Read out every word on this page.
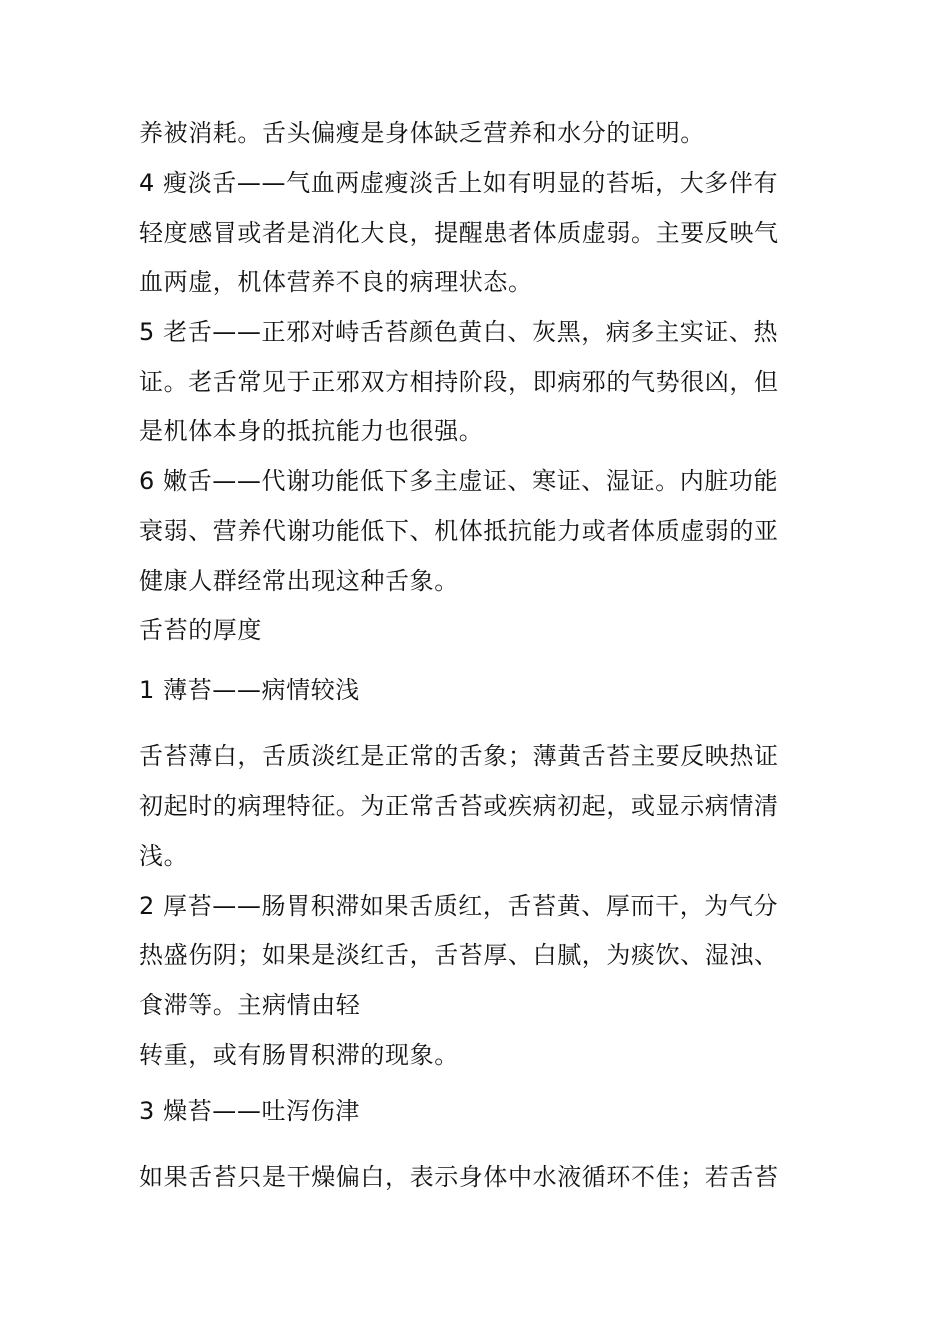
养被消耗。舌头偏瘦是身体缺乏营养和水分的证明。
4 瘦淡舌——气血两虚瘦淡舌上如有明显的苔垢，大多伴有
轻度感冒或者是消化大良，提醒患者体质虚弱。主要反映气
血两虚，机体营养不良的病理状态。
5 老舌——正邪对峙舌苔颜色黄白、灰黑，病多主实证、热
证。老舌常见于正邪双方相持阶段，即病邪的气势很凶，但
是机体本身的抵抗能力也很强。
6 嫩舌——代谢功能低下多主虚证、寒证、湿证。内脏功能
衰弱、营养代谢功能低下、机体抵抗能力或者体质虚弱的亚
健康人群经常出现这种舌象。
舌苔的厚度
1 薄苔——病情较浅
舌苔薄白，舌质淡红是正常的舌象；薄黄舌苔主要反映热证
初起时的病理特征。为正常舌苔或疾病初起，或显示病情清
浅。
2 厚苔——肠胃积滞如果舌质红，舌苔黄、厚而干，为气分
热盛伤阴；如果是淡红舌，舌苔厚、白腻，为痰饮、湿浊、
食滞等。主病情由轻
转重，或有肠胃积滞的现象。
3 燥苔——吐泻伤津
如果舌苔只是干燥偏白，表示身体中水液循环不佳；若舌苔
